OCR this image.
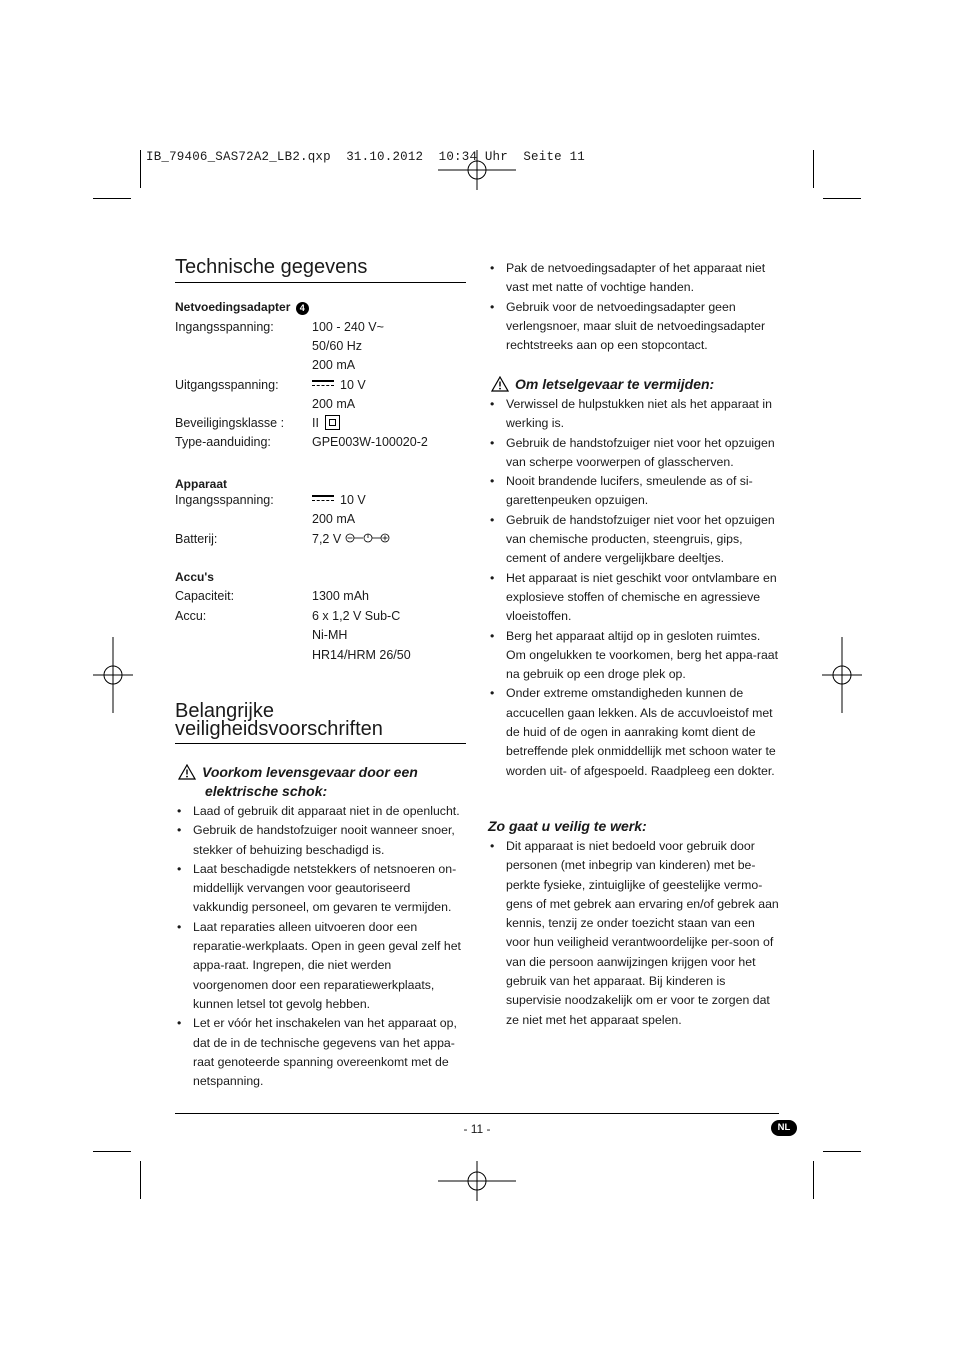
IB_79406_SAS72A2_LB2.qxp  31.10.2012  10:34 Uhr  Seite 11
Technische gegevens
Netvoedingsadapter 4
Ingangsspanning:	100 - 240 V~
50/60 Hz
200 mA
Uitgangsspanning:	10 V
200 mA
Beveiligingsklasse : II
Type-aanduiding:	GPE003W-100020-2
Apparaat
Ingangsspanning:	10 V
200 mA
Batterij:	7,2 V
Accu's
Capaciteit:	1300 mAh
Accu:	6 x 1,2 V Sub-C
Ni-MH
HR14/HRM 26/50
Belangrijke
veiligheidsvoorschriften
Voorkom levensgevaar door een
elektrische schok:
• Laad of gebruik dit apparaat niet in de openlucht.
• Gebruik de handstofzuiger nooit wanneer snoer, stekker of behuizing beschadigd is.
• Laat beschadigde netstekkers of netsnoeren on-middellijk vervangen voor geautoriseerd vakkundig personeel, om gevaren te vermijden.
• Laat reparaties alleen uitvoeren door een reparatie-werkplaats. Open in geen geval zelf het appa-raat. Ingrepen, die niet werden voorgenomen door een reparatiewerkplaats, kunnen letsel tot gevolg hebben.
• Let er vóór het inschakelen van het apparaat op, dat de in de technische gegevens van het appa-raat genoteerde spanning overeenkomt met de netspanning.
• Pak de netvoedingsadapter of het apparaat niet vast met natte of vochtige handen.
• Gebruik voor de netvoedingsadapter geen verlengsnoer, maar sluit de netvoedingsadapter rechtstreeks aan op een stopcontact.
Om letselgevaar te vermijden:
• Verwissel de hulpstukken niet als het apparaat in werking is.
• Gebruik de handstofzuiger niet voor het opzuigen van scherpe voorwerpen of glasscherven.
• Nooit brandende lucifers, smeulende as of si-garettenpeuken opzuigen.
• Gebruik de handstofzuiger niet voor het opzuigen van chemische producten, steengruis, gips, cement of andere vergelijkbare deeltjes.
• Het apparaat is niet geschikt voor ontvlambare en explosieve stoffen of chemische en agressieve vloeistoffen.
• Berg het apparaat altijd op in gesloten ruimtes. Om ongelukken te voorkomen, berg het appa-raat na gebruik op een droge plek op.
• Onder extreme omstandigheden kunnen de accucellen gaan lekken. Als de accuvloeistof met de huid of de ogen in aanraking komt dient de betreffende plek onmiddellijk met schoon water te worden uit- of afgespoeld. Raadpleeg een dokter.
Zo gaat u veilig te werk:
• Dit apparaat is niet bedoeld voor gebruik door personen (met inbegrip van kinderen) met be-perkte fysieke, zintuiglijke of geestelijke vermo-gens of met gebrek aan ervaring en/of gebrek aan kennis, tenzij ze onder toezicht staan van een voor hun veiligheid verantwoordelijke per-soon of van die persoon aanwijzingen krijgen voor het gebruik van het apparaat. Bij kinderen is supervisie noodzakelijk om er voor te zorgen dat ze niet met het apparaat spelen.
- 11 -	NL
